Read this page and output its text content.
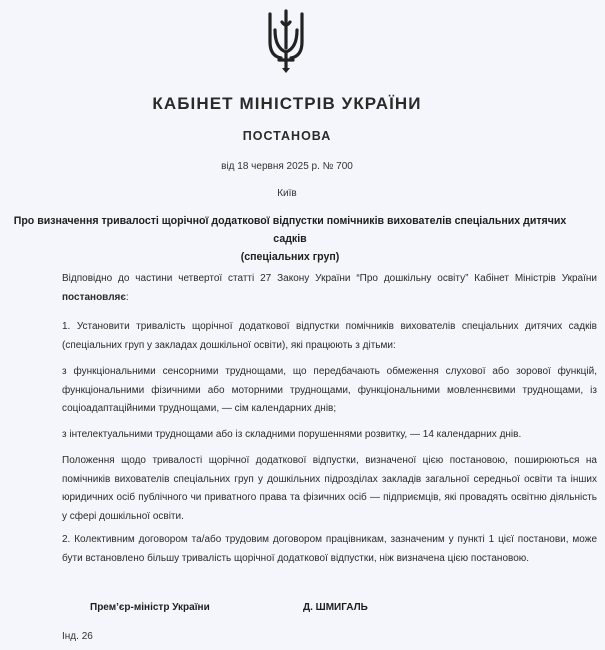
КАБІНЕТ МІНІСТРІВ УКРАЇНИ
ПОСТАНОВА
від 18 червня 2025 р. № 700
Київ
Про визначення тривалості щорічної додаткової відпустки помічників вихователів спеціальних дитячих садків
(спеціальних груп)
Відповідно до частини четвертої статті 27 Закону України “Про дошкільну освіту” Кабінет Міністрів України постановляє:
1. Установити тривалість щорічної додаткової відпустки помічників вихователів спеціальних дитячих садків (спеціальних груп у закладах дошкільної освіти), які працюють з дітьми:
з функціональними сенсорними труднощами, що передбачають обмеження слухової або зорової функцій, функціональними фізичними або моторними труднощами, функціональними мовленнєвими труднощами, із соціоадаптаційними труднощами, — сім календарних днів;
з інтелектуальними труднощами або із складними порушеннями розвитку, — 14 календарних днів.
Положення щодо тривалості щорічної додаткової відпустки, визначеної цією постановою, поширюються на помічників вихователів спеціальних груп у дошкільних підрозділах закладів загальної середньої освіти та інших юридичних осіб публічного чи приватного права та фізичних осіб — підприємців, які провадять освітню діяльність у сфері дошкільної освіти.
2. Колективним договором та/або трудовим договором працівникам, зазначеним у пункті 1 цієї постанови, може бути встановлено більшу тривалість щорічної додаткової відпустки, ніж визначена цією постановою.
Прем’єр-міністр України	Д. ШМИГАЛЬ
Інд. 26
